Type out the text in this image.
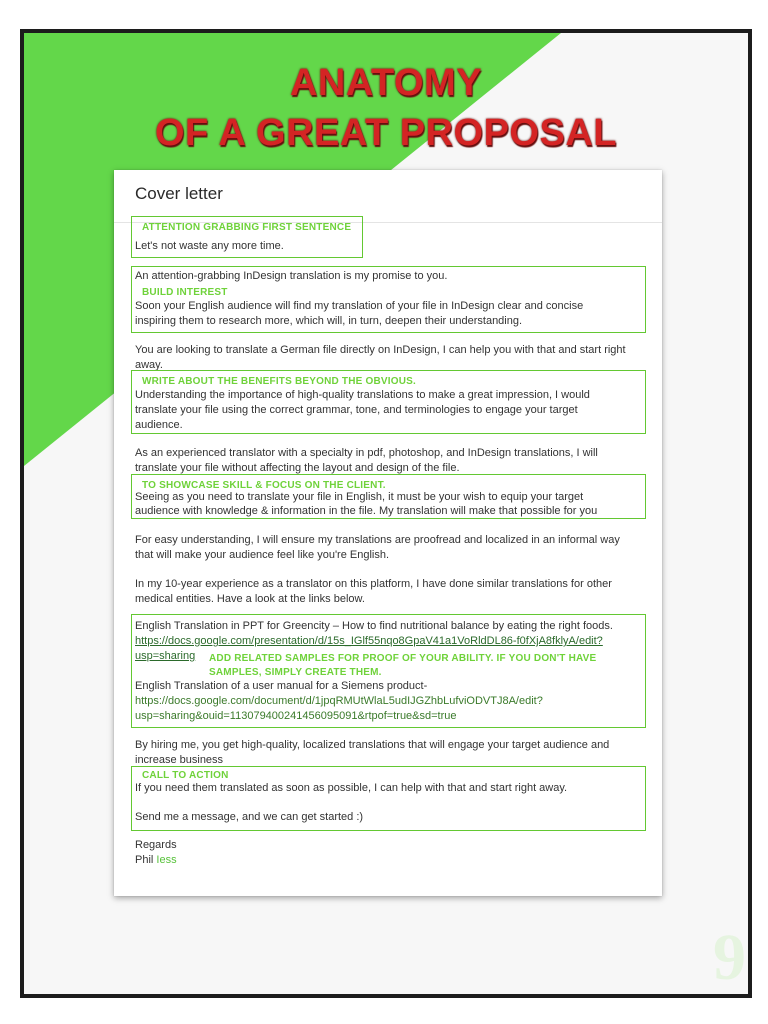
ANATOMY
OF A GREAT PROPOSAL
Cover letter
ATTENTION GRABBING FIRST SENTENCE
Let's not waste any more time.
An attention-grabbing InDesign translation is my promise to you.
BUILD INTEREST
Soon your English audience will find my translation of your file in InDesign clear and concise
inspiring them to research more, which will, in turn, deepen their understanding.
You are looking to translate a German file directly on InDesign, I can help you with that and start right
away.
WRITE ABOUT THE BENEFITS BEYOND THE OBVIOUS.
Understanding the importance of high-quality translations to make a great impression, I would
translate your file using the correct grammar, tone, and terminologies to engage your target
audience.
As an experienced translator with a specialty in pdf, photoshop, and InDesign translations, I will
translate your file without affecting the layout and design of the file.
TO SHOWCASE SKILL & FOCUS ON THE CLIENT.
Seeing as you need to translate your file in English, it must be your wish to equip your target
audience with knowledge & information in the file. My translation will make that possible for you
For easy understanding, I will ensure my translations are proofread and localized in an informal way
that will make your audience feel like you're English.
In my 10-year experience as a translator on this platform, I have done similar translations for other
medical entities. Have a look at the links below.
English Translation in PPT for Greencity – How to find nutritional balance by eating the right foods.
https://docs.google.com/presentation/d/15s_IGlf55nqo8GpaV41a1VoRldDL86-f0fXjA8fklyA/edit?
usp=sharing ADD RELATED SAMPLES FOR PROOF OF YOUR ABILITY. IF YOU DON'T HAVE
SAMPLES, SIMPLY CREATE THEM.
English Translation of a user manual for a Siemens product-
https://docs.google.com/document/d/1jpqRMUtWlaL5udIJGZhbLufviODVTJ8A/edit?
usp=sharing&ouid=113079400241456095091&rtpof=true&sd=true
By hiring me, you get high-quality, localized translations that will engage your target audience and
increase business
CALL TO ACTION
If you need them translated as soon as possible, I can help with that and start right away.
Send me a message, and we can get started :)
Regards
Phil Iess
9
